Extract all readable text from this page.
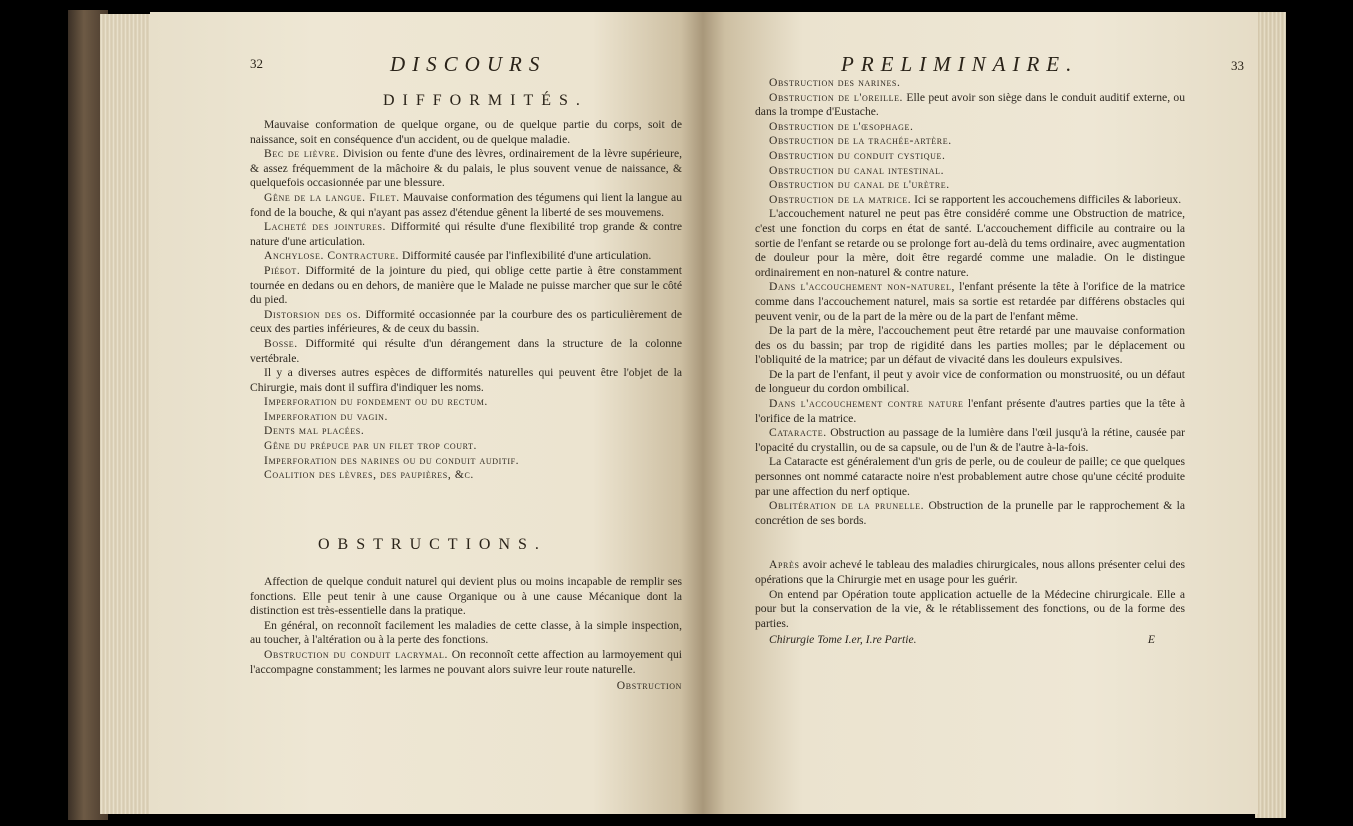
32	DISCOURS
DIFFORMITÉS.

Mauvaise conformation de quelque organe, ou de quelque partie du corps, soit de naissance, soit en conséquence d'un accident, ou de quelque maladie.

Bec de lièvre. Division ou fente d'une des lèvres, ordinairement de la lèvre supérieure, & assez fréquemment de la mâchoire & du palais, le plus souvent venue de naissance, & quelquefois occasionnée par une blessure.

Gêne de la langue. Filet. Mauvaise conformation des tégumens qui lient la langue au fond de la bouche, & qui n'ayant pas assez d'étendue gênent la liberté de ses mouvemens.

Lacheté des jointures. Difformité qui résulte d'une flexibilité trop grande & contre nature d'une articulation.

Anchylose. Contracture. Difformité causée par l'inflexibilité d'une articulation.

Piéбot. Difformité de la jointure du pied, qui oblige cette partie à être constamment tournée en dedans ou en dehors, de manière que le Malade ne puisse marcher que sur le côté du pied.

Distorsion des os. Difformité occasionnée par la courbure des os particulièrement de ceux des parties inférieures, & de ceux du bassin.

Bosse. Difformité qui résulte d'un dérangement dans la structure de la colonne vertébrale.

Il y a diverses autres espèces de difformités naturelles qui peuvent être l'objet de la Chirurgie, mais dont il suffira d'indiquer les noms.

Imperforation du fondement ou du rectum.

Imperforation du vagin.

Dents mal placées.

Gêne du prépuce par un filet trop court.

Imperforation des narines ou du conduit auditif.

Coalition des lèvres, des paupières, &c.

OBSTRUCTIONS.

Affection de quelque conduit naturel qui devient plus ou moins incapable de remplir ses fonctions. Elle peut tenir à une cause Organique ou à une cause Mécanique dont la distinction est très-essentielle dans la pratique.

En général, on reconnoît facilement les maladies de cette classe, à la simple inspection, au toucher, à l'altération ou à la perte des fonctions.

Obstruction du conduit lacrymal. On reconnoît cette affection au larmoyement qui l'accompagne constamment; les larmes ne pouvant alors suivre leur route naturelle.

Obstruction
PRELIMINAIRE.	33

Obstruction des narines.

Obstruction de l'oreille. Elle peut avoir son siège dans le conduit auditif externe, ou dans la trompe d'Eustache.

Obstruction de l'œsophage.

Obstruction de la trachée-artère.

Obstruction du conduit cystique.

Obstruction du canal intestinal.

Obstruction du canal de l'urètre.

Obstruction de la matrice. Ici se rapportent les accouchemens difficiles & laborieux.

L'accouchement naturel ne peut pas être considéré comme une Obstruction de matrice, c'est une fonction du corps en état de santé. L'accouchement difficile au contraire ou la sortie de l'enfant se retarde ou se prolonge fort au-delà du tems ordinaire, avec augmentation de douleur pour la mère, doit être regardé comme une maladie. On le distingue ordinairement en non-naturel & contre nature.

Dans l'accouchement non-naturel, l'enfant présente la tête à l'orifice de la matrice comme dans l'accouchement naturel, mais sa sortie est retardée par différens obstacles qui peuvent venir, ou de la part de la mère ou de la part de l'enfant même.

De la part de la mère, l'accouchement peut être retardé par une mauvaise conformation des os du bassin; par trop de rigidité dans les parties molles; par le déplacement ou l'obliquité de la matrice; par un défaut de vivacité dans les douleurs expulsives.

De la part de l'enfant, il peut y avoir vice de conformation ou monstruosité, ou un défaut de longueur du cordon ombilical.

Dans l'accouchement contre nature l'enfant présente d'autres parties que la tête à l'orifice de la matrice.

Cataracte. Obstruction au passage de la lumière dans l'œil jusqu'à la rétine, causée par l'opacité du crystallin, ou de sa capsule, ou de l'un & de l'autre à-la-fois.

La Cataracte est généralement d'un gris de perle, ou de couleur de paille; ce que quelques personnes ont nommé cataracte noire n'est probablement autre chose qu'une cécité produite par une affection du nerf optique.

Oblitération de la prunelle. Obstruction de la prunelle par le rapprochement & la concrétion de ses bords.

Après avoir achevé le tableau des maladies chirurgicales, nous allons présenter celui des opérations que la Chirurgie met en usage pour les guérir.

On entend par Opération toute application actuelle de la Médecine chirurgicale. Elle a pour but la conservation de la vie, & le rétablissement des fonctions, ou de la forme des parties.

Chirurgie Tome I.er, I.re Partie.	E
